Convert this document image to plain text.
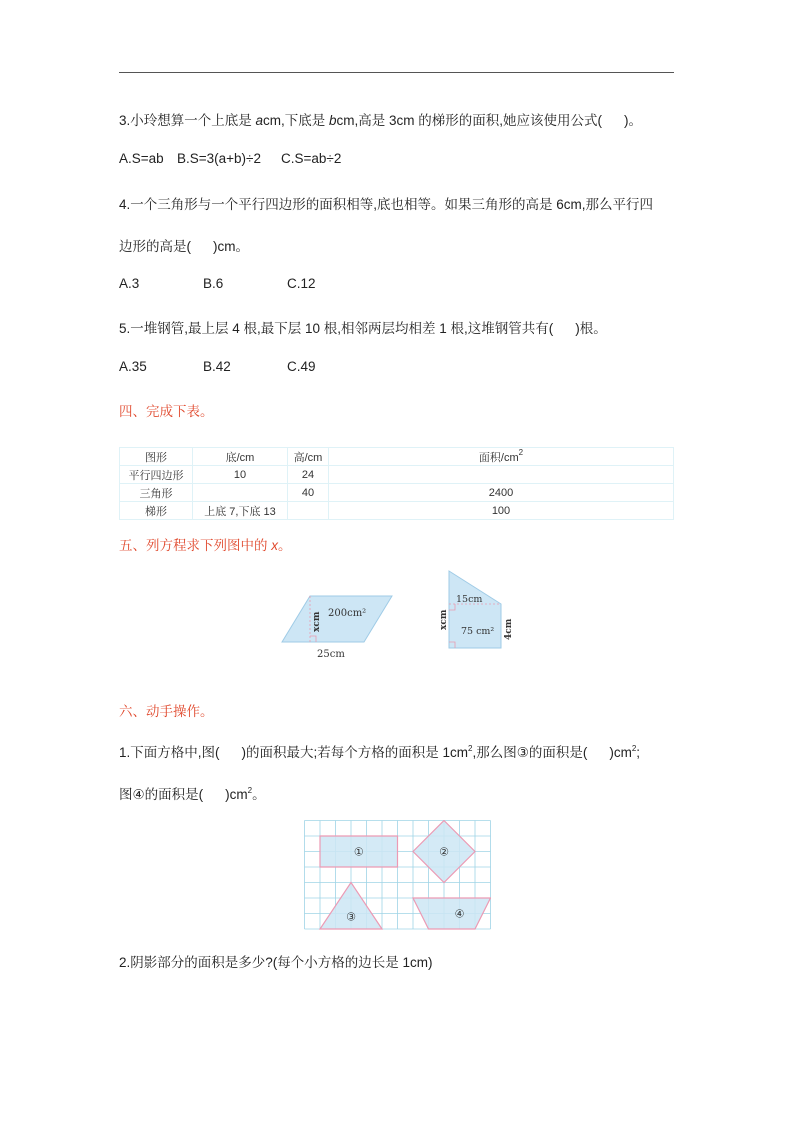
3.小玲想算一个上底是 acm,下底是 bcm,高是 3cm 的梯形的面积,她应该使用公式( )。
A.S=ab B.S=3(a+b)÷2 C.S=ab÷2
4.一个三角形与一个平行四边形的面积相等,底也相等。如果三角形的高是 6cm,那么平行四
边形的高是( )cm。
A.3	B.6	C.12
5.一堆钢管,最上层 4 根,最下层 10 根,相邻两层均相差 1 根,这堆钢管共有( )根。
A.35	B.42	C.49
四、完成下表。
图形	底/cm	高/cm	面积$/cm^2$
平行四边形	10	24	
三角形		40	2400
梯形	上底 7,下底 13		100
五、列方程求下列图中的 x。
200cm²
xcm
25cm
15cm
75 cm²
xcm	4cm
六、动手操作。
1.下面方格中,图( )的面积最大;若每个方格的面积是 $1cm^2$,那么图③的面积是( )$cm^2$;
图④的面积是( )$cm^2$。
①	②
③	④
2.阴影部分的面积是多少?(每个小方格的边长是 1cm)
